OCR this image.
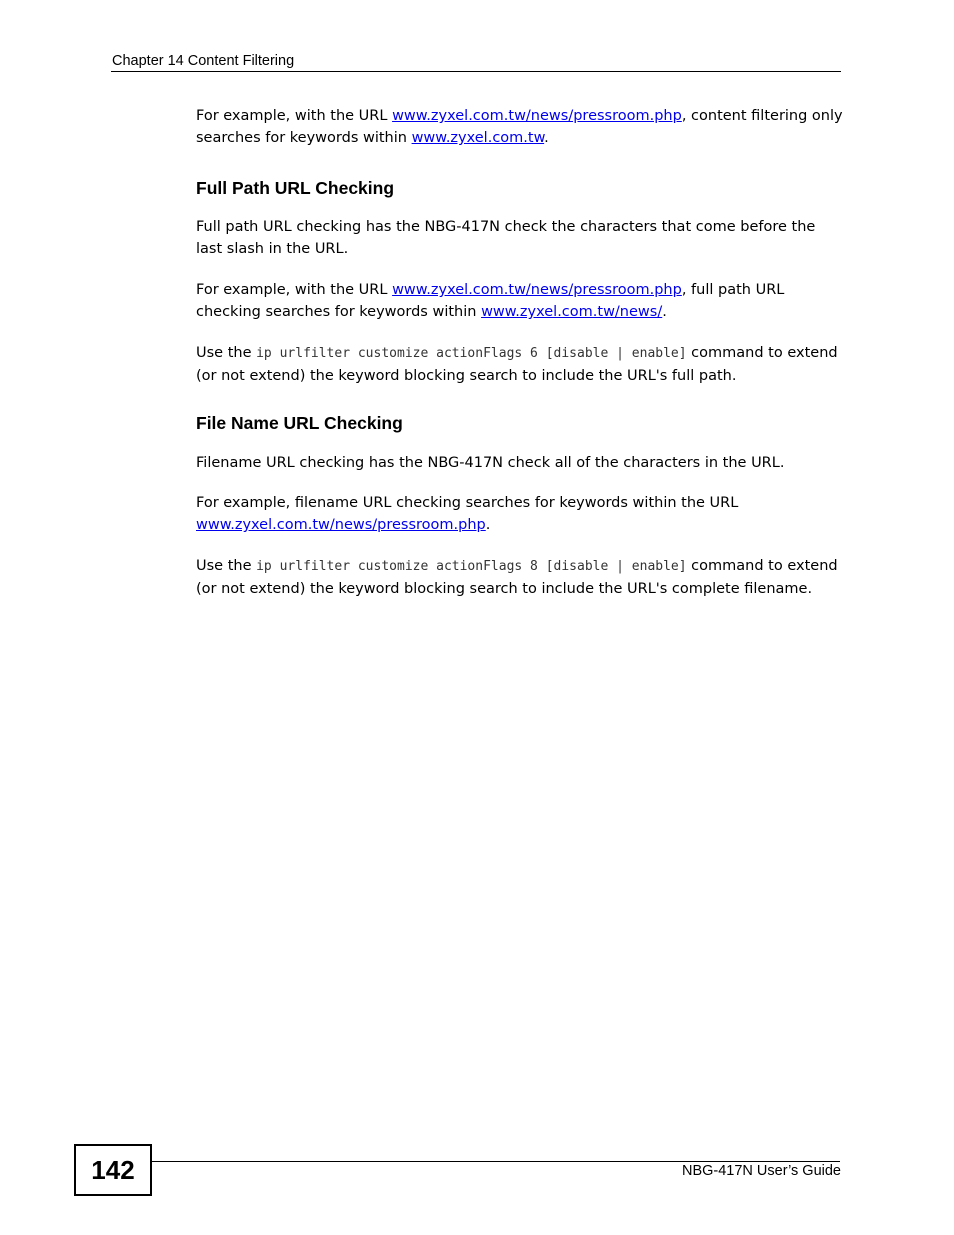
Chapter 14 Content Filtering

For example, with the URL www.zyxel.com.tw/news/pressroom.php, content filtering only searches for keywords within www.zyxel.com.tw.

Full Path URL Checking

Full path URL checking has the NBG-417N check the characters that come before the last slash in the URL.

For example, with the URL www.zyxel.com.tw/news/pressroom.php, full path URL checking searches for keywords within www.zyxel.com.tw/news/.

Use the ip urlfilter customize actionFlags 6 [disable | enable] command to extend (or not extend) the keyword blocking search to include the URL's full path.

File Name URL Checking

Filename URL checking has the NBG-417N check all of the characters in the URL.

For example, filename URL checking searches for keywords within the URL www.zyxel.com.tw/news/pressroom.php.

Use the ip urlfilter customize actionFlags 8 [disable | enable] command to extend (or not extend) the keyword blocking search to include the URL's complete filename.

142	NBG-417N User’s Guide
